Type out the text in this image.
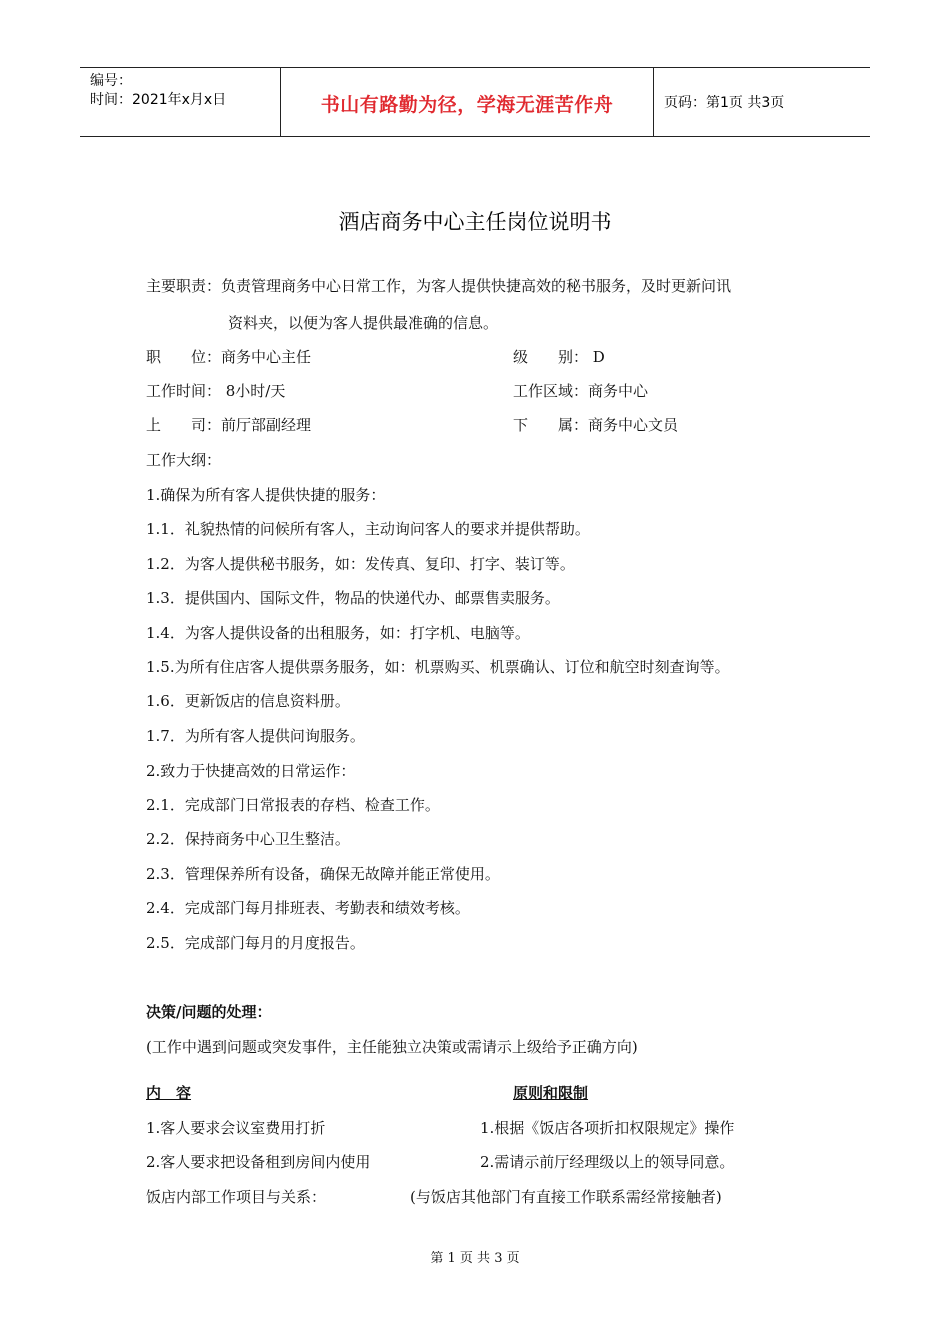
编号：
时间：2021年x月x日	书山有路勤为径，学海无涯苦作舟	页码：第1页 共3页
酒店商务中心主任岗位说明书
主要职责：负责管理商务中心日常工作，为客人提供快捷高效的秘书服务，及时更新问讯
资料夹，以便为客人提供最准确的信息。
职　　位：商务中心主任	级　　别： D
工作时间： 8小时/天	工作区域：商务中心
上　　司：前厅部副经理	下　　属：商务中心文员
工作大纲：
1.确保为所有客人提供快捷的服务：
1.1．礼貌热情的问候所有客人，主动询问客人的要求并提供帮助。
1.2．为客人提供秘书服务，如：发传真、复印、打字、装订等。
1.3．提供国内、国际文件，物品的快递代办、邮票售卖服务。
1.4．为客人提供设备的出租服务，如：打字机、电脑等。
1.5.为所有住店客人提供票务服务，如：机票购买、机票确认、订位和航空时刻查询等。
1.6．更新饭店的信息资料册。
1.7．为所有客人提供问询服务。
2.致力于快捷高效的日常运作：
2.1．完成部门日常报表的存档、检查工作。
2.2．保持商务中心卫生整洁。
2.3．管理保养所有设备，确保无故障并能正常使用。
2.4．完成部门每月排班表、考勤表和绩效考核。
2.5．完成部门每月的月度报告。
决策/问题的处理：
(工作中遇到问题或突发事件，主任能独立决策或需请示上级给予正确方向)
内　容	原则和限制
1.客人要求会议室费用打折	1.根据《饭店各项折扣权限规定》操作
2.客人要求把设备租到房间内使用	2.需请示前厅经理级以上的领导同意。
饭店内部工作项目与关系：	(与饭店其他部门有直接工作联系需经常接触者)
第 1 页 共 3 页
